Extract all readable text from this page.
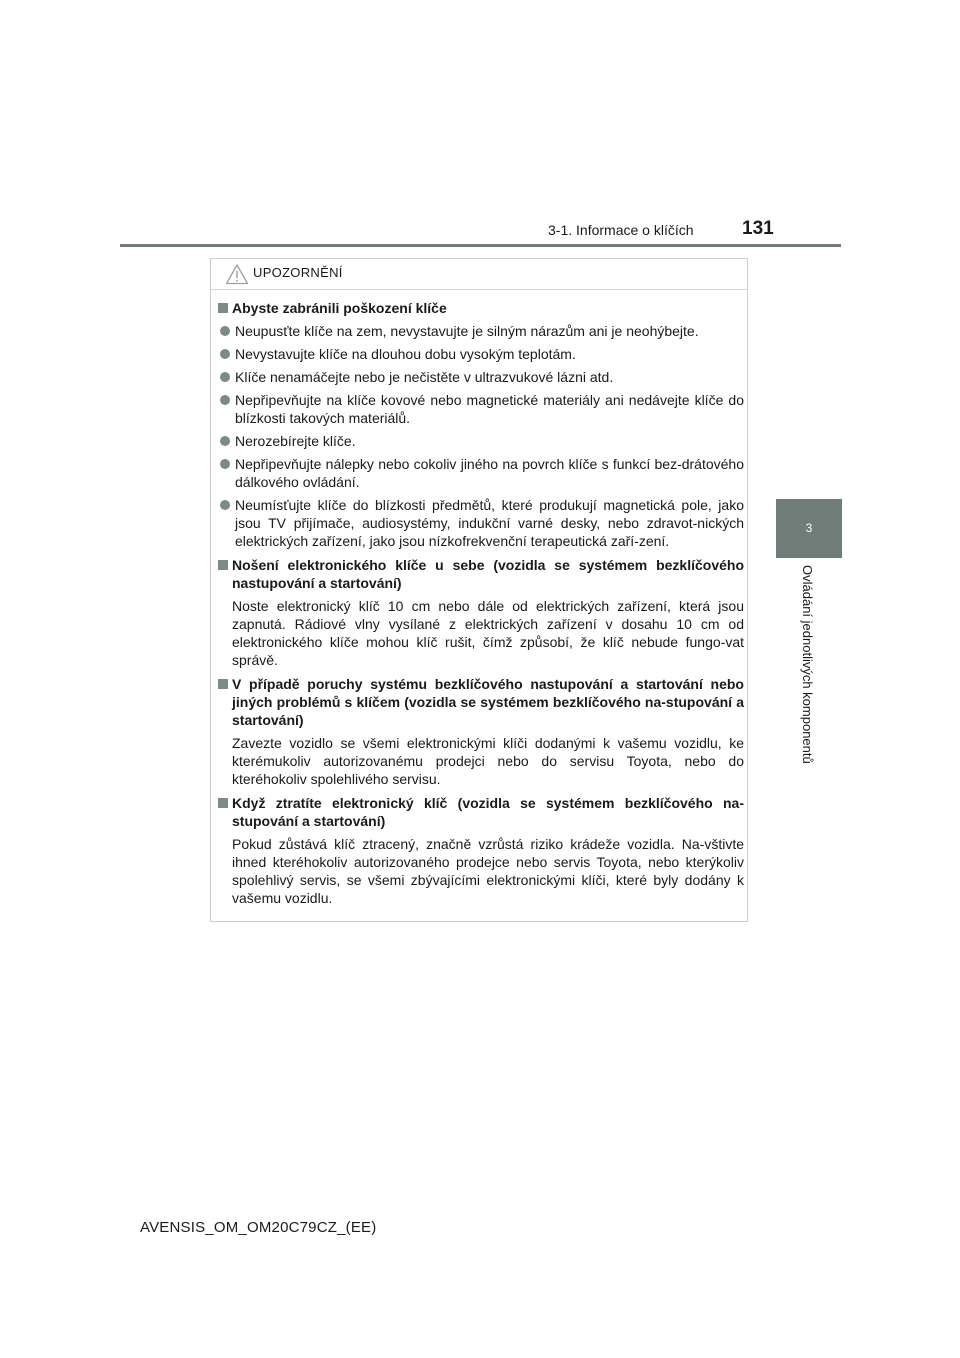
3-1. Informace o klíčích	131
3
Ovládání jednotlivých komponentů
UPOZORNĚNÍ
Abyste zabránili poškození klíče
Neupusťte klíče na zem, nevystavujte je silným nárazům ani je neohýbejte.
Nevystavujte klíče na dlouhou dobu vysokým teplotám.
Klíče nenamáčejte nebo je nečistěte v ultrazvukové lázni atd.
Nepřipevňujte na klíče kovové nebo magnetické materiály ani nedávejte klíče do blízkosti takových materiálů.
Nerozebírejte klíče.
Nepřipevňujte nálepky nebo cokoliv jiného na povrch klíče s funkcí bez-drátového dálkového ovládání.
Neumísťujte klíče do blízkosti předmětů, které produkují magnetická pole, jako jsou TV přijímače, audiosystémy, indukční varné desky, nebo zdravot-nických elektrických zařízení, jako jsou nízkofrekvenční terapeutická zaří-zení.
Nošení elektronického klíče u sebe (vozidla se systémem bezklíčového nastupování a startování)
Noste elektronický klíč 10 cm nebo dále od elektrických zařízení, která jsou zapnutá. Rádiové vlny vysílané z elektrických zařízení v dosahu 10 cm od elektronického klíče mohou klíč rušit, čímž způsobí, že klíč nebude fungo-vat správě.
V případě poruchy systému bezklíčového nastupování a startování nebo jiných problémů s klíčem (vozidla se systémem bezklíčového na-stupování a startování)
Zavezte vozidlo se všemi elektronickými klíči dodanými k vašemu vozidlu, ke kterémukoliv autorizovanému prodejci nebo do servisu Toyota, nebo do kteréhokoliv spolehlivého servisu.
Když ztratíte elektronický klíč (vozidla se systémem bezklíčového na-stupování a startování)
Pokud zůstává klíč ztracený, značně vzrůstá riziko krádeže vozidla. Na-vštivte ihned kteréhokoliv autorizovaného prodejce nebo servis Toyota, nebo kterýkoliv spolehlivý servis, se všemi zbývajícími elektronickými klíči, které byly dodány k vašemu vozidlu.
AVENSIS_OM_OM20C79CZ_(EE)
